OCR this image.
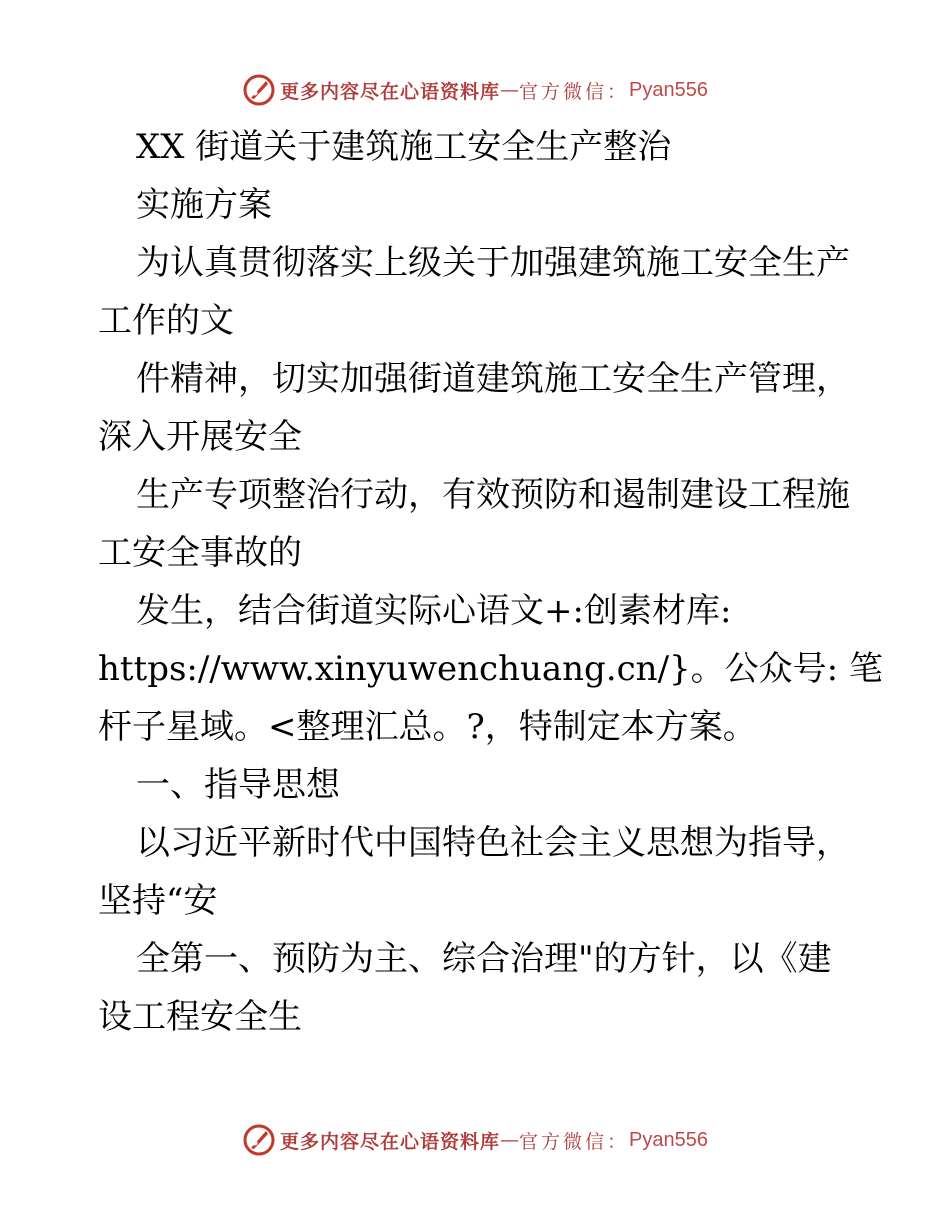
更多内容尽在心语资料库 — 官方微信： Pyan556
XX 街道关于建筑施工安全生产整治
实施方案
为认真贯彻落实上级关于加强建筑施工安全生产
工作的文
件精神，切实加强街道建筑施工安全生产管理，
深入开展安全
生产专项整治行动，有效预防和遏制建设工程施
工安全事故的
发生，结合街道实际心语文+:创素材库:
https://www.xinyuwenchuang.cn/}。公众号: 笔
杆子星域。<整理汇总。?，特制定本方案。
一、指导思想
以习近平新时代中国特色社会主义思想为指导，
坚持“安
全第一、预防为主、综合治理"的方针，以《建
设工程安全生
更多内容尽在心语资料库 — 官方微信： Pyan556
